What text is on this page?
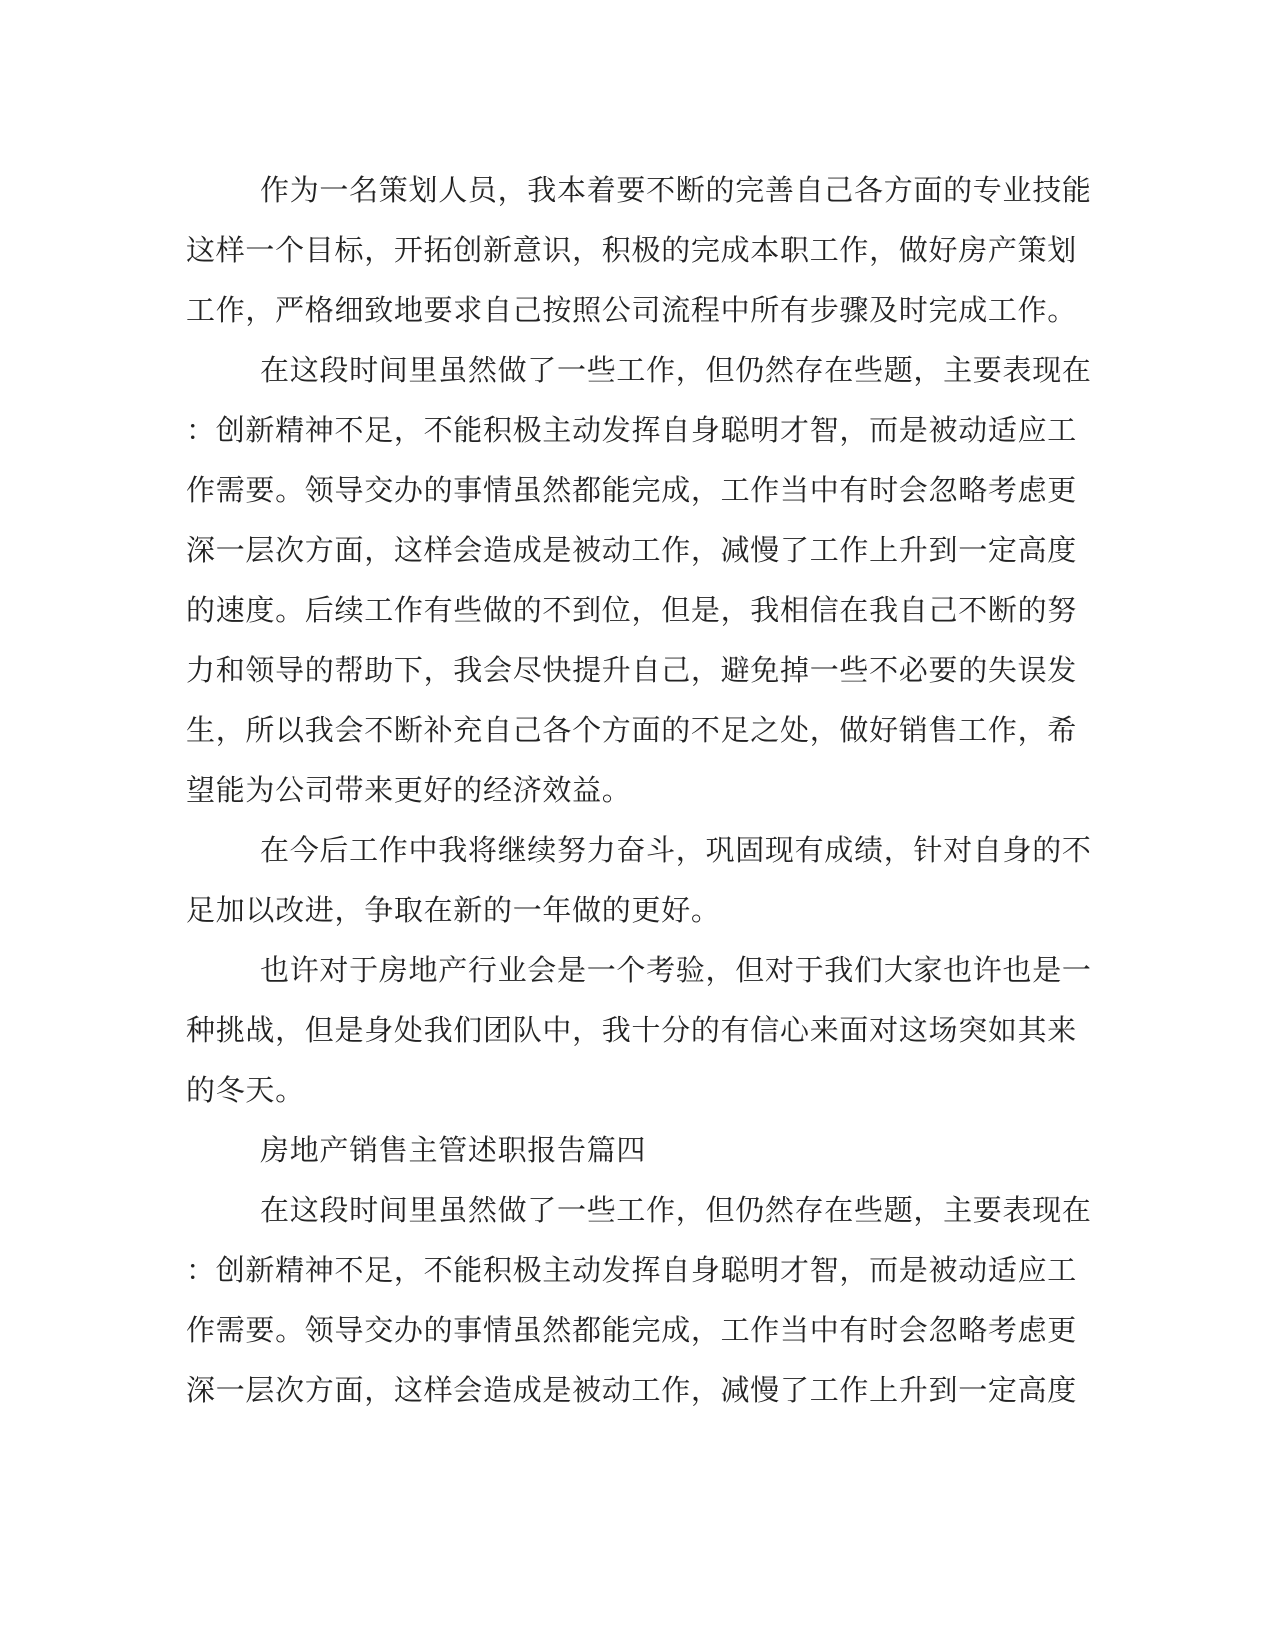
作为一名策划人员，我本着要不断的完善自己各方面的专业技能
这样一个目标，开拓创新意识，积极的完成本职工作，做好房产策划
工作，严格细致地要求自己按照公司流程中所有步骤及时完成工作。
在这段时间里虽然做了一些工作，但仍然存在些题，主要表现在
：创新精神不足，不能积极主动发挥自身聪明才智，而是被动适应工
作需要。领导交办的事情虽然都能完成，工作当中有时会忽略考虑更
深一层次方面，这样会造成是被动工作，减慢了工作上升到一定高度
的速度。后续工作有些做的不到位，但是，我相信在我自己不断的努
力和领导的帮助下，我会尽快提升自己，避免掉一些不必要的失误发
生，所以我会不断补充自己各个方面的不足之处，做好销售工作，希
望能为公司带来更好的经济效益。
在今后工作中我将继续努力奋斗，巩固现有成绩，针对自身的不
足加以改进，争取在新的一年做的更好。
也许对于房地产行业会是一个考验，但对于我们大家也许也是一
种挑战，但是身处我们团队中，我十分的有信心来面对这场突如其来
的冬天。
房地产销售主管述职报告篇四
在这段时间里虽然做了一些工作，但仍然存在些题，主要表现在
：创新精神不足，不能积极主动发挥自身聪明才智，而是被动适应工
作需要。领导交办的事情虽然都能完成，工作当中有时会忽略考虑更
深一层次方面，这样会造成是被动工作，减慢了工作上升到一定高度
